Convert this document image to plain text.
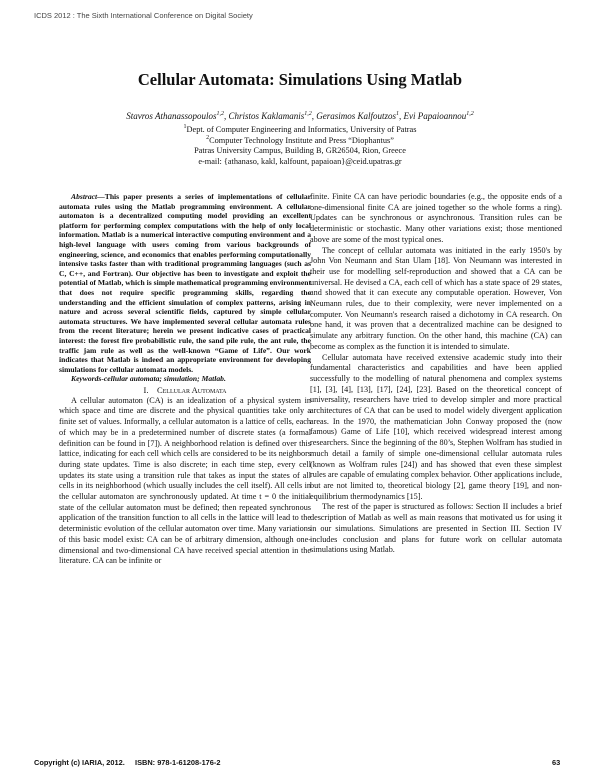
ICDS 2012 : The Sixth International Conference on Digital Society
Cellular Automata: Simulations Using Matlab
Stavros Athanassopoulos$^{1,2}$, Christos Kaklamanis$^{1,2}$, Gerasimos Kalfoutzos$^1$, Evi Papaioannou$^{1,2}$
$^1$Dept. of Computer Engineering and Informatics, University of Patras
$^2$Computer Technology Institute and Press “Diophantus”
Patras University Campus, Building B, GR26504, Rion, Greece
e-mail: {athanaso, kakl, kalfount, papaioan}@ceid.upatras.gr

Abstract—This paper presents a series of implementations of cellular automata rules using the Matlab programming environment. A cellular automaton is a decentralized computing model providing an excellent platform for performing complex computations with the help of only local information. Matlab is a numerical interactive computing environment and a high-level language with users coming from various backgrounds of engineering, science, and economics that enables performing computationally intensive tasks faster than with traditional programming languages (such as C, C++, and Fortran). Our objective has been to investigate and exploit the potential of Matlab, which is simple mathematical programming environment that does not require specific programming skills, regarding the understanding and the efficient simulation of complex patterns, arising in nature and across several scientific fields, captured by simple cellular automata structures. We have implemented several cellular automata rules from the recent literature; herein we present indicative cases of practical interest: the forest fire probabilistic rule, the sand pile rule, the ant rule, the traffic jam rule as well as the well-known “Game of Life”. Our work indicates that Matlab is indeed an appropriate environment for developing simulations for cellular automata models.

Keywords-cellular automata; simulation; Matlab.

I. Cellular Automata

A cellular automaton (CA) is an idealization of a physical system in which space and time are discrete and the physical quantities take only a finite set of values. Informally, a cellular automaton is a lattice of cells, each of which may be in a predetermined number of discrete states (a formal definition can be found in [7]). A neighborhood relation is defined over this lattice, indicating for each cell which cells are considered to be its neighbors during state updates. Time is also discrete; in each time step, every cell updates its state using a transition rule that takes as input the states of all cells in its neighborhood (which usually includes the cell itself). All cells in the cellular automaton are synchronously updated. At time t = 0 the initial state of the cellular automaton must be defined; then repeated synchronous application of the transition function to all cells in the lattice will lead to the deterministic evolution of the cellular automaton over time. Many variations of this basic model exist: CA can be of arbitrary dimension, although one-dimensional and two-dimensional CA have received special attention in the literature. CA can be infinite or

finite. Finite CA can have periodic boundaries (e.g., the opposite ends of a one-dimensional finite CA are joined together so the whole forms a ring). Updates can be synchronous or asynchronous. Transition rules can be deterministic or stochastic. Many other variations exist; those mentioned above are some of the most typical ones.

The concept of cellular automata was initiated in the early 1950's by John Von Neumann and Stan Ulam [18]. Von Neumann was interested in their use for modelling self-reproduction and showed that a CA can be universal. He devised a CA, each cell of which has a state space of 29 states, and showed that it can execute any computable operation. However, Von Neumann rules, due to their complexity, were never implemented on a computer. Von Neumann's research raised a dichotomy in CA research. On one hand, it was proven that a decentralized machine can be designed to simulate any arbitrary function. On the other hand, this machine (CA) can become as complex as the function it is intended to simulate.

Cellular automata have received extensive academic study into their fundamental characteristics and capabilities and have been applied successfully to the modelling of natural phenomena and complex systems [1], [3], [4], [13], [17], [24], [23]. Based on the theoretical concept of universality, researchers have tried to develop simpler and more practical architectures of CA that can be used to model widely divergent application areas. In the 1970, the mathematician John Conway proposed the (now famous) Game of Life [10], which received widespread interest among researchers. Since the beginning of the 80’s, Stephen Wolfram has studied in much detail a family of simple one-dimensional cellular automata rules (known as Wolfram rules [24]) and has showed that even these simplest rules are capable of emulating complex behavior. Other applications include, but are not limited to, theoretical biology [2], game theory [19], and non-equilibrium thermodynamics [15].

The rest of the paper is structured as follows: Section II includes a brief description of Matlab as well as main reasons that motivated us for using it in our simulations. Simulations are presented in Section III. Section IV includes conclusion and plans for future work on cellular automata simulations using Matlab.

Copyright (c) IARIA, 2012.     ISBN: 978-1-61208-176-2	63
